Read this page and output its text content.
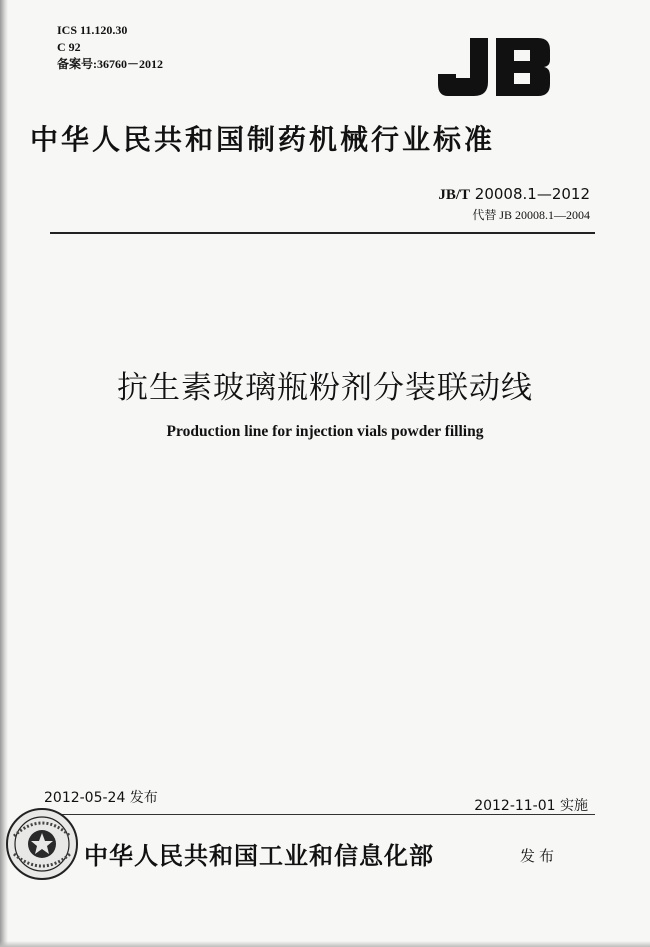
ICS 11.120.30
C 92
备案号:36760－2012
中华人民共和国制药机械行业标准
JB/T 20008.1—2012
代替 JB 20008.1—2004
抗生素玻璃瓶粉剂分装联动线
Production line for injection vials powder filling
2012-05-24 发布	2012-11-01 实施
中华人民共和国工业和信息化部	发布
